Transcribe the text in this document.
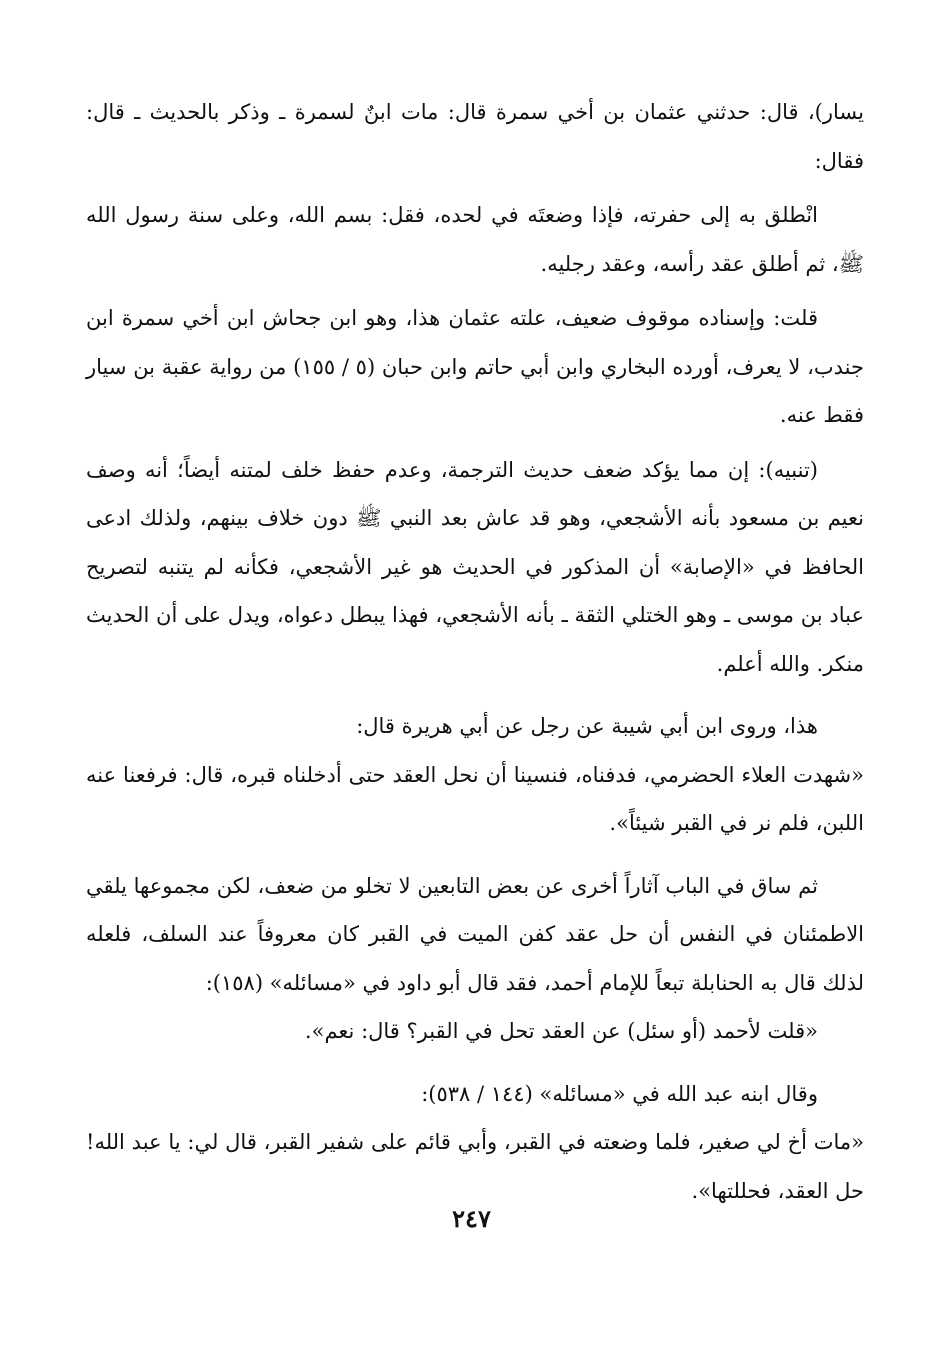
يسار)، قال: حدثني عثمان بن أخي سمرة قال: مات ابنٌ لسمرة ـ وذكر بالحديث ـ قال: فقال:

انْطلق به إلى حفرته، فإذا وضعتَه في لحده، فقل: بسم الله، وعلى سنة رسول الله ﷺ، ثم أطلق عقد رأسه، وعقد رجليه.

قلت: وإسناده موقوف ضعيف، علته عثمان هذا، وهو ابن جحاش ابن أخي سمرة ابن جندب، لا يعرف، أورده البخاري وابن أبي حاتم وابن حبان (٥ / ١٥٥) من رواية عقبة بن سيار فقط عنه.

(تنبيه): إن مما يؤكد ضعف حديث الترجمة، وعدم حفظ خلف لمتنه أيضاً؛ أنه وصف نعيم بن مسعود بأنه الأشجعي، وهو قد عاش بعد النبي ﷺ دون خلاف بينهم، ولذلك ادعى الحافظ في «الإصابة» أن المذكور في الحديث هو غير الأشجعي، فكأنه لم يتنبه لتصريح عباد بن موسى ـ وهو الختلي الثقة ـ بأنه الأشجعي، فهذا يبطل دعواه، ويدل على أن الحديث منكر. والله أعلم.

هذا، وروى ابن أبي شيبة عن رجل عن أبي هريرة قال:

«شهدت العلاء الحضرمي، فدفناه، فنسينا أن نحل العقد حتى أدخلناه قبره، قال: فرفعنا عنه اللبن، فلم نر في القبر شيئاً».

ثم ساق في الباب آثاراً أخرى عن بعض التابعين لا تخلو من ضعف، لكن مجموعها يلقي الاطمئنان في النفس أن حل عقد كفن الميت في القبر كان معروفاً عند السلف، فلعله لذلك قال به الحنابلة تبعاً للإمام أحمد، فقد قال أبو داود في «مسائله» (١٥٨):

«قلت لأحمد (أو سئل) عن العقد تحل في القبر؟ قال: نعم».

وقال ابنه عبد الله في «مسائله» (١٤٤ / ٥٣٨):

«مات أخ لي صغير، فلما وضعته في القبر، وأبي قائم على شفير القبر، قال لي: يا عبد الله! حل العقد، فحللتها».

٢٤٧
